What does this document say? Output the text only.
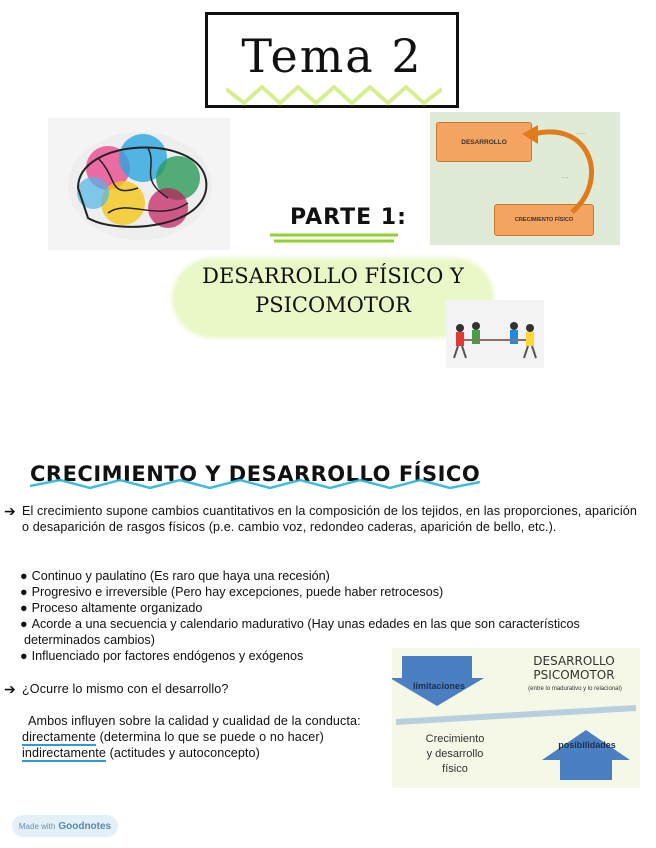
Tema 2
DESARROLLO
CRECIMIENTO FÍSICO
- - - -
- - -
PARTE 1:
DESARROLLO FÍSICO Y
PSICOMOTOR
CRECIMIENTO Y DESARROLLO FÍSICO
➔ El crecimiento supone cambios cuantitativos en la composición de los tejidos, en las proporciones, aparición o desaparición de rasgos físicos (p.e. cambio voz, redondeo caderas, aparición de bello, etc.).
● Continuo y paulatino (Es raro que haya una recesión)
● Progresivo e irreversible (Pero hay excepciones, puede haber retrocesos)
● Proceso altamente organizado
● Acorde a una secuencia y calendario madurativo (Hay unas edades en las que son característicos
determinados cambios)
● Influenciado por factores endógenos y exógenos
➔ ¿Ocurre lo mismo con el desarrollo?
Ambos influyen sobre la calidad y cualidad de la conducta:
directamente (determina lo que se puede o no hacer)
indirectamente (actitudes y autoconcepto)
limitaciones
DESARROLLO
PSICOMOTOR
(entre lo madurativo y lo relacional)
Crecimiento
y desarrollo
físico
posibilidades
Made with Goodnotes
